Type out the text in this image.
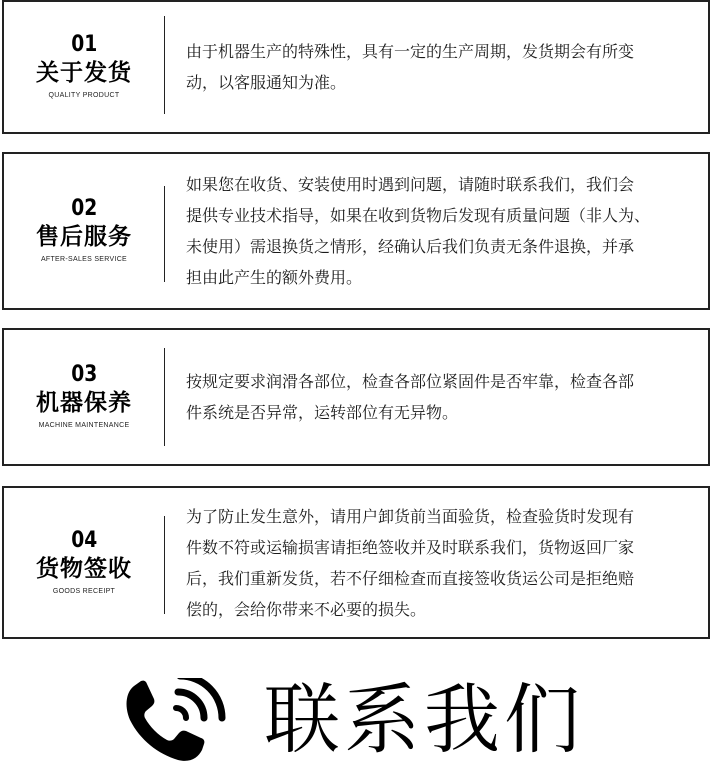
01
关于发货
QUALITY PRODUCT
由于机器生产的特殊性，具有一定的生产周期，发货期会有所变
动，以客服通知为准。
02
售后服务
AFTER-SALES SERVICE
如果您在收货、安装使用时遇到问题，请随时联系我们，我们会
提供专业技术指导，如果在收到货物后发现有质量问题（非人为、
未使用）需退换货之情形，经确认后我们负责无条件退换，并承
担由此产生的额外费用。
03
机器保养
MACHINE MAINTENANCE
按规定要求润滑各部位，检查各部位紧固件是否牢靠，检查各部
件系统是否异常，运转部位有无异物。
04
货物签收
GOODS RECEIPT
为了防止发生意外，请用户卸货前当面验货，检查验货时发现有
件数不符或运输损害请拒绝签收并及时联系我们，货物返回厂家
后，我们重新发货，若不仔细检查而直接签收货运公司是拒绝赔
偿的，会给你带来不必要的损失。
联系我们
